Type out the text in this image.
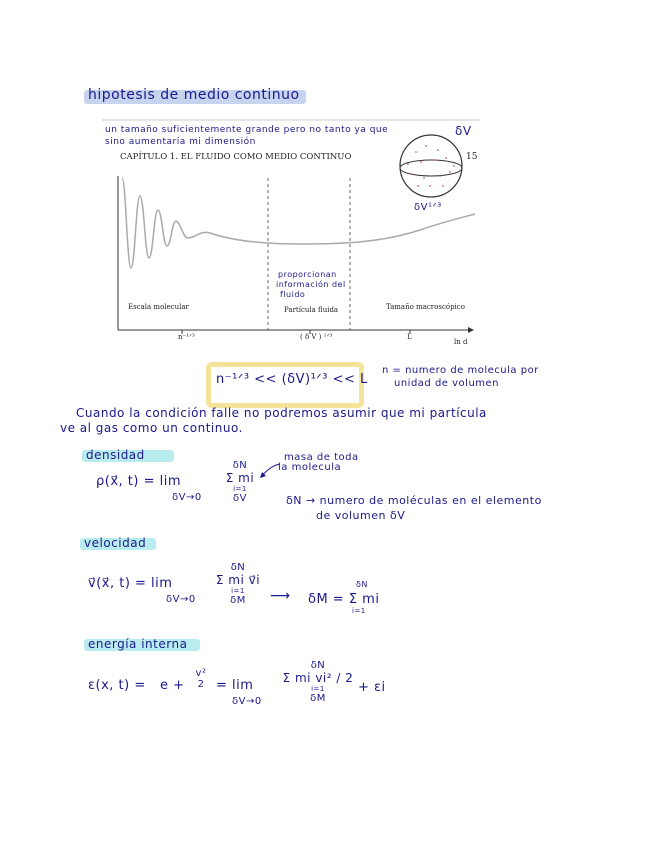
hipotesis de medio continuo
un tamaño suficientemente grande pero no tanto ya que
sino aumentaría mi dimensión
CAPÍTULO 1. EL FLUIDO COMO MEDIO CONTINUO	15
δV
δV¹ᐟ³
Escala molecular	Partícula fluida	Tamaño macroscópico
proporcionan
información del
fluido
n⁻¹ᐟ³	( δ V ) ¹ᐟ³	L
ln d
n⁻¹ᐟ³ << (δV)¹ᐟ³ << L
n = numero de molecula por
unidad de volumen
Cuando la condición falle no podremos asumir que mi partícula
ve al gas como un continuo.
densidad
ρ(x⃗, t) = lim
δV→0
δN
Σ mi
i=1
δV
masa de toda
la molecula
δN → numero de moléculas en el elemento
de volumen δV
velocidad
v⃗(x⃗, t) = lim
δV→0
δN
Σ mi v⃗i
i=1
δM	⟶
δN
δM = Σ mi
i=1
energía interna
ε(x, t) = e +
v²
2 = lim
δV→0
δN
Σ mi vi² / 2
i=1
δM
+ εi
